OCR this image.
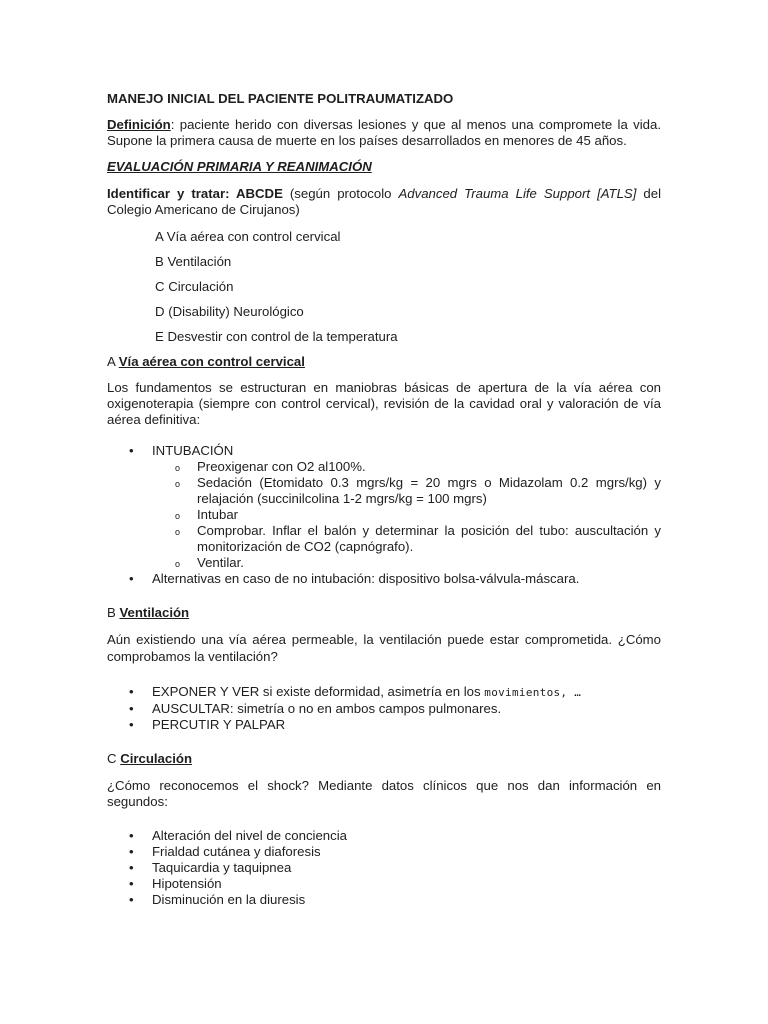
MANEJO INICIAL DEL PACIENTE POLITRAUMATIZADO

Definición: paciente herido con diversas lesiones y que al menos una compromete la vida. Supone la primera causa de muerte en los países desarrollados en menores de 45 años.

EVALUACIÓN PRIMARIA Y REANIMACIÓN

Identificar y tratar: ABCDE (según protocolo Advanced Trauma Life Support [ATLS] del Colegio Americano de Cirujanos)

A Vía aérea con control cervical
B Ventilación
C Circulación
D (Disability) Neurológico
E Desvestir con control de la temperatura

A Vía aérea con control cervical

Los fundamentos se estructuran en maniobras básicas de apertura de la vía aérea con oxigenoterapia (siempre con control cervical), revisión de la cavidad oral y valoración de vía aérea definitiva:

• INTUBACIÓN
o Preoxigenar con O2 al100%.
o Sedación (Etomidato 0.3 mgrs/kg = 20 mgrs o Midazolam 0.2 mgrs/kg) y relajación (succinilcolina 1-2 mgrs/kg = 100 mgrs)
o Intubar
o Comprobar. Inflar el balón y determinar la posición del tubo: auscultación y monitorización de CO2 (capnógrafo).
o Ventilar.
• Alternativas en caso de no intubación: dispositivo bolsa-válvula-máscara.

B Ventilación

Aún existiendo una vía aérea permeable, la ventilación puede estar comprometida. ¿Cómo comprobamos la ventilación?

• EXPONER Y VER si existe deformidad, asimetría en los movimientos, …
• AUSCULTAR: simetría o no en ambos campos pulmonares.
• PERCUTIR Y PALPAR

C Circulación

¿Cómo reconocemos el shock? Mediante datos clínicos que nos dan información en segundos:

• Alteración del nivel de conciencia
• Frialdad cutánea y diaforesis
• Taquicardia y taquipnea
• Hipotensión
• Disminución en la diuresis
